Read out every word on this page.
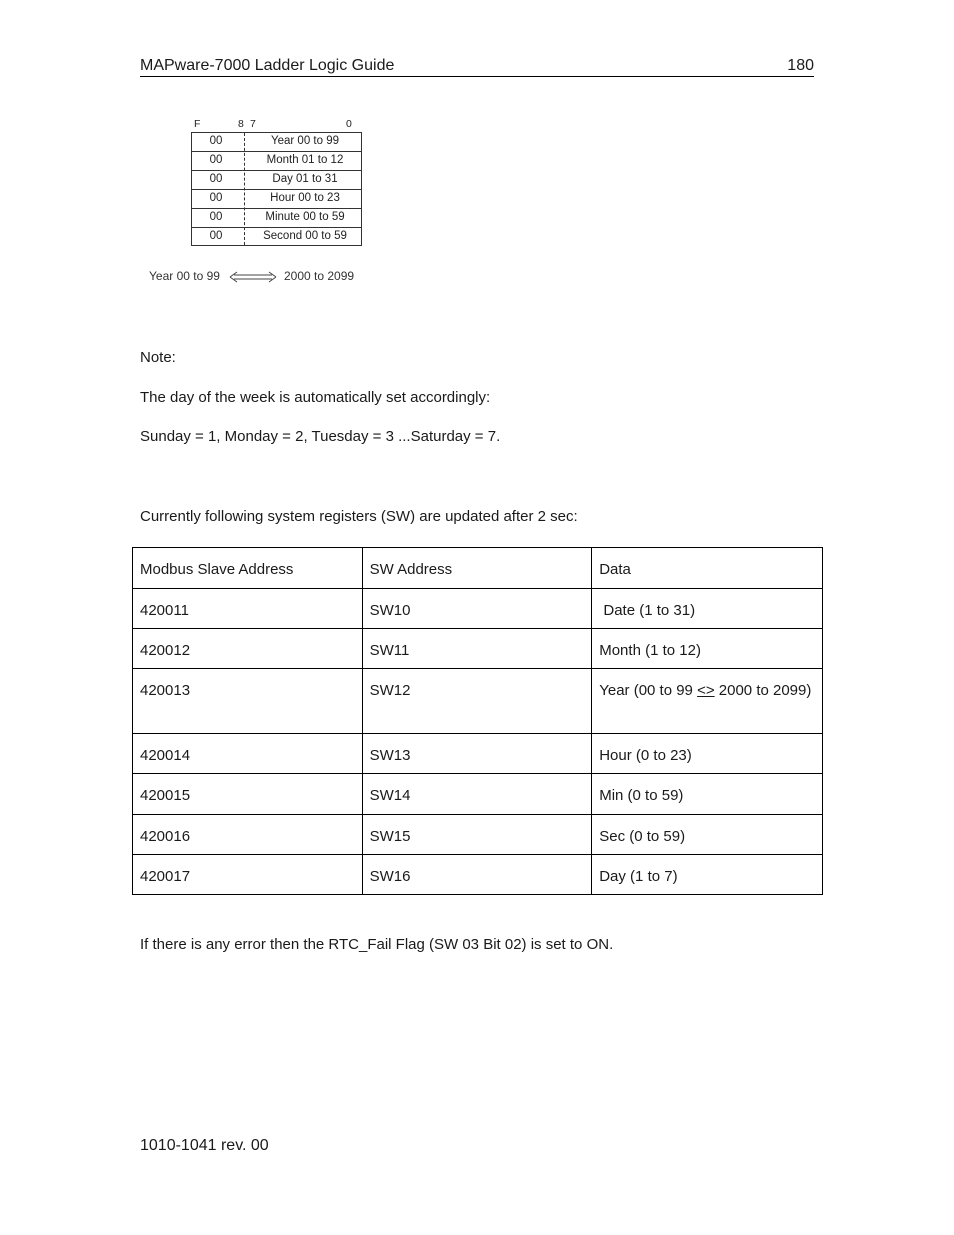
MAPware-7000 Ladder Logic Guide	180
F	8 7	0
00	Year 00 to 99
00	Month 01 to 12
00	Day 01 to 31
00	Hour 00 to 23
00	Minute 00 to 59
00	Second 00 to 59
Year 00 to 99	2000 to 2099
Note:
The day of the week is automatically set accordingly:
Sunday = 1, Monday = 2, Tuesday = 3 ...Saturday = 7.
Currently following system registers (SW) are updated after 2 sec:
Modbus Slave Address	SW Address	Data
420011	SW10	Date (1 to 31)
420012	SW11	Month (1 to 12)
420013	SW12	Year (00 to 99 <> 2000 to 2099)
420014	SW13	Hour (0 to 23)
420015	SW14	Min (0 to 59)
420016	SW15	Sec (0 to 59)
420017	SW16	Day (1 to 7)
If there is any error then the RTC_Fail Flag (SW 03 Bit 02) is set to ON.
1010-1041 rev. 00
